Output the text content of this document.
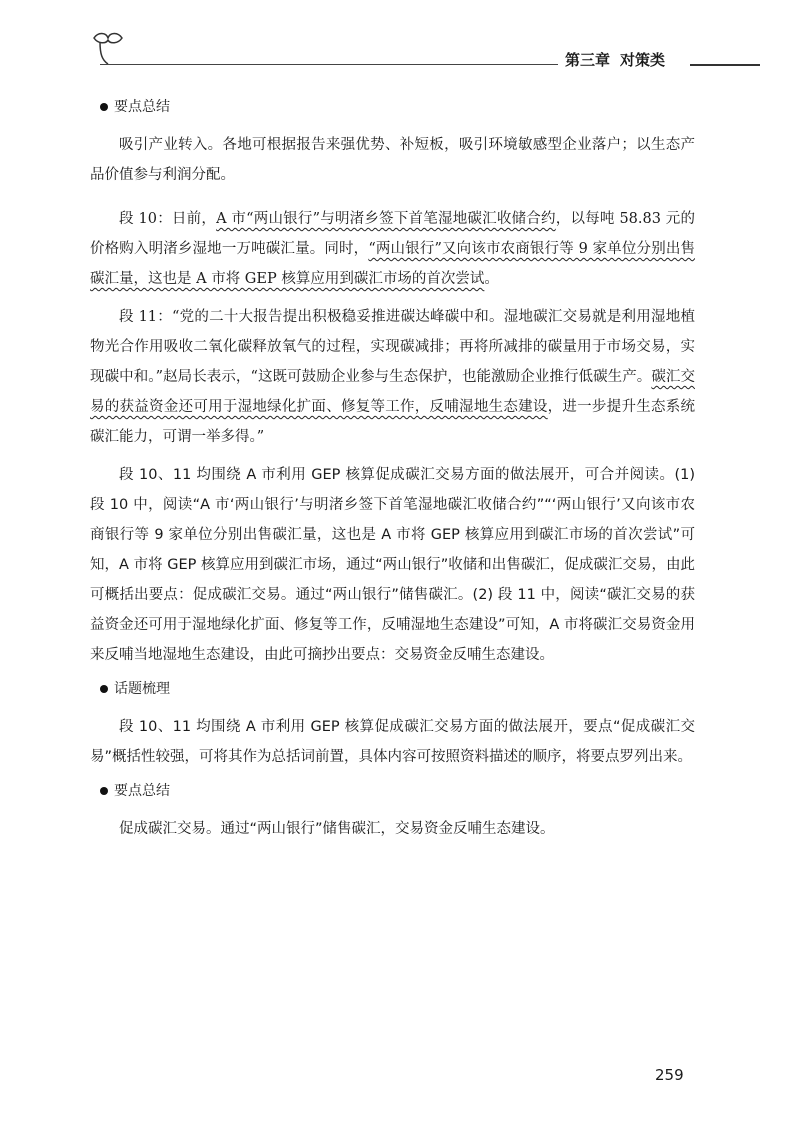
第三章 对策类
要点总结

吸引产业转入。各地可根据报告来强优势、补短板，吸引环境敏感型企业落户；以生态产品价值参与利润分配。

段 10：日前，A 市“两山银行”与明渚乡签下首笔湿地碳汇收储合约，以每吨 58.83 元的价格购入明渚乡湿地一万吨碳汇量。同时，“两山银行”又向该市农商银行等 9 家单位分别出售碳汇量，这也是 A 市将 GEP 核算应用到碳汇市场的首次尝试。

段 11：“党的二十大报告提出积极稳妥推进碳达峰碳中和。湿地碳汇交易就是利用湿地植物光合作用吸收二氧化碳释放氧气的过程，实现碳减排；再将所减排的碳量用于市场交易，实现碳中和。”赵局长表示，“这既可鼓励企业参与生态保护，也能激励企业推行低碳生产。碳汇交易的获益资金还可用于湿地绿化扩面、修复等工作，反哺湿地生态建设，进一步提升生态系统碳汇能力，可谓一举多得。”

段 10、11 均围绕 A 市利用 GEP 核算促成碳汇交易方面的做法展开，可合并阅读。(1) 段 10 中，阅读“A 市‘两山银行’与明渚乡签下首笔湿地碳汇收储合约”“‘两山银行’又向该市农商银行等 9 家单位分别出售碳汇量，这也是 A 市将 GEP 核算应用到碳汇市场的首次尝试”可知，A 市将 GEP 核算应用到碳汇市场，通过“两山银行”收储和出售碳汇，促成碳汇交易，由此可概括出要点：促成碳汇交易。通过“两山银行”储售碳汇。(2) 段 11 中，阅读“碳汇交易的获益资金还可用于湿地绿化扩面、修复等工作，反哺湿地生态建设”可知，A 市将碳汇交易资金用来反哺当地湿地生态建设，由此可摘抄出要点：交易资金反哺生态建设。

话题梳理

段 10、11 均围绕 A 市利用 GEP 核算促成碳汇交易方面的做法展开，要点“促成碳汇交易”概括性较强，可将其作为总括词前置，具体内容可按照资料描述的顺序，将要点罗列出来。

要点总结

促成碳汇交易。通过“两山银行”储售碳汇，交易资金反哺生态建设。

259
